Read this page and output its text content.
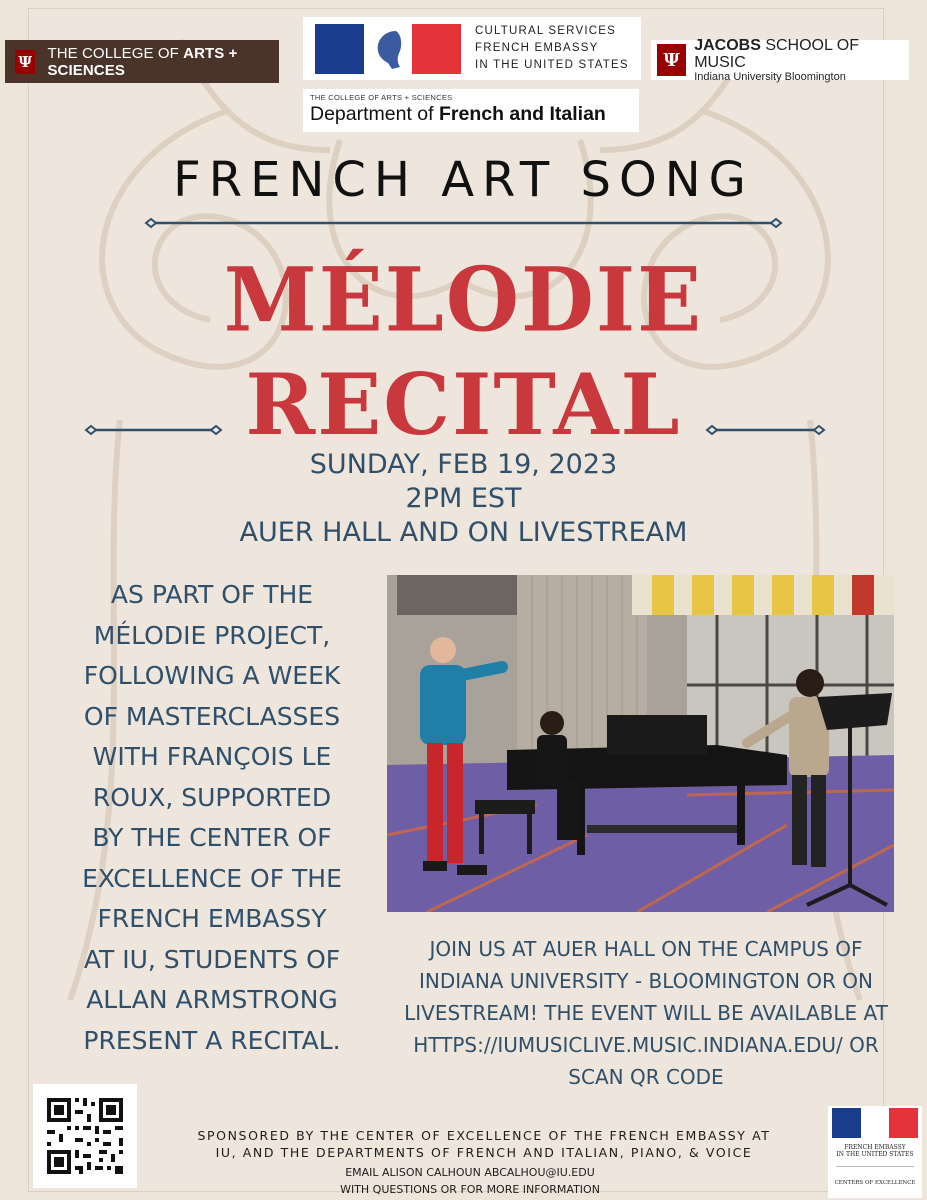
Ψ THE COLLEGE OF ARTS + SCIENCES
CULTURAL SERVICES
FRENCH EMBASSY
IN THE UNITED STATES	Ψ
JACOBS SCHOOL OF MUSIC
Indiana University Bloomington
THE COLLEGE OF ARTS + SCIENCES
Department of French and Italian
FRENCH ART SONG
MÉLODIE
RECITAL
SUNDAY, FEB 19, 2023
2PM EST
AUER HALL AND ON LIVESTREAM
AS PART OF THE
MÉLODIE PROJECT,
FOLLOWING A WEEK
OF MASTERCLASSES
WITH FRANÇOIS LE
ROUX, SUPPORTED
BY THE CENTER OF
EXCELLENCE OF THE
FRENCH EMBASSY
AT IU, STUDENTS OF
ALLAN ARMSTRONG
PRESENT A RECITAL.
JOIN US AT AUER HALL ON THE CAMPUS OF
INDIANA UNIVERSITY - BLOOMINGTON OR ON
LIVESTREAM! THE EVENT WILL BE AVAILABLE AT
HTTPS://IUMUSICLIVE.MUSIC.INDIANA.EDU/ OR
SCAN QR CODE
SPONSORED BY THE CENTER OF EXCELLENCE OF THE FRENCH EMBASSY AT
IU, AND THE DEPARTMENTS OF FRENCH AND ITALIAN, PIANO, & VOICE
EMAIL ALISON CALHOUN ABCALHOU@IU.EDU
WITH QUESTIONS OR FOR MORE INFORMATION
FRENCH EMBASSY
IN THE UNITED STATES
CENTERS OF EXCELLENCE
